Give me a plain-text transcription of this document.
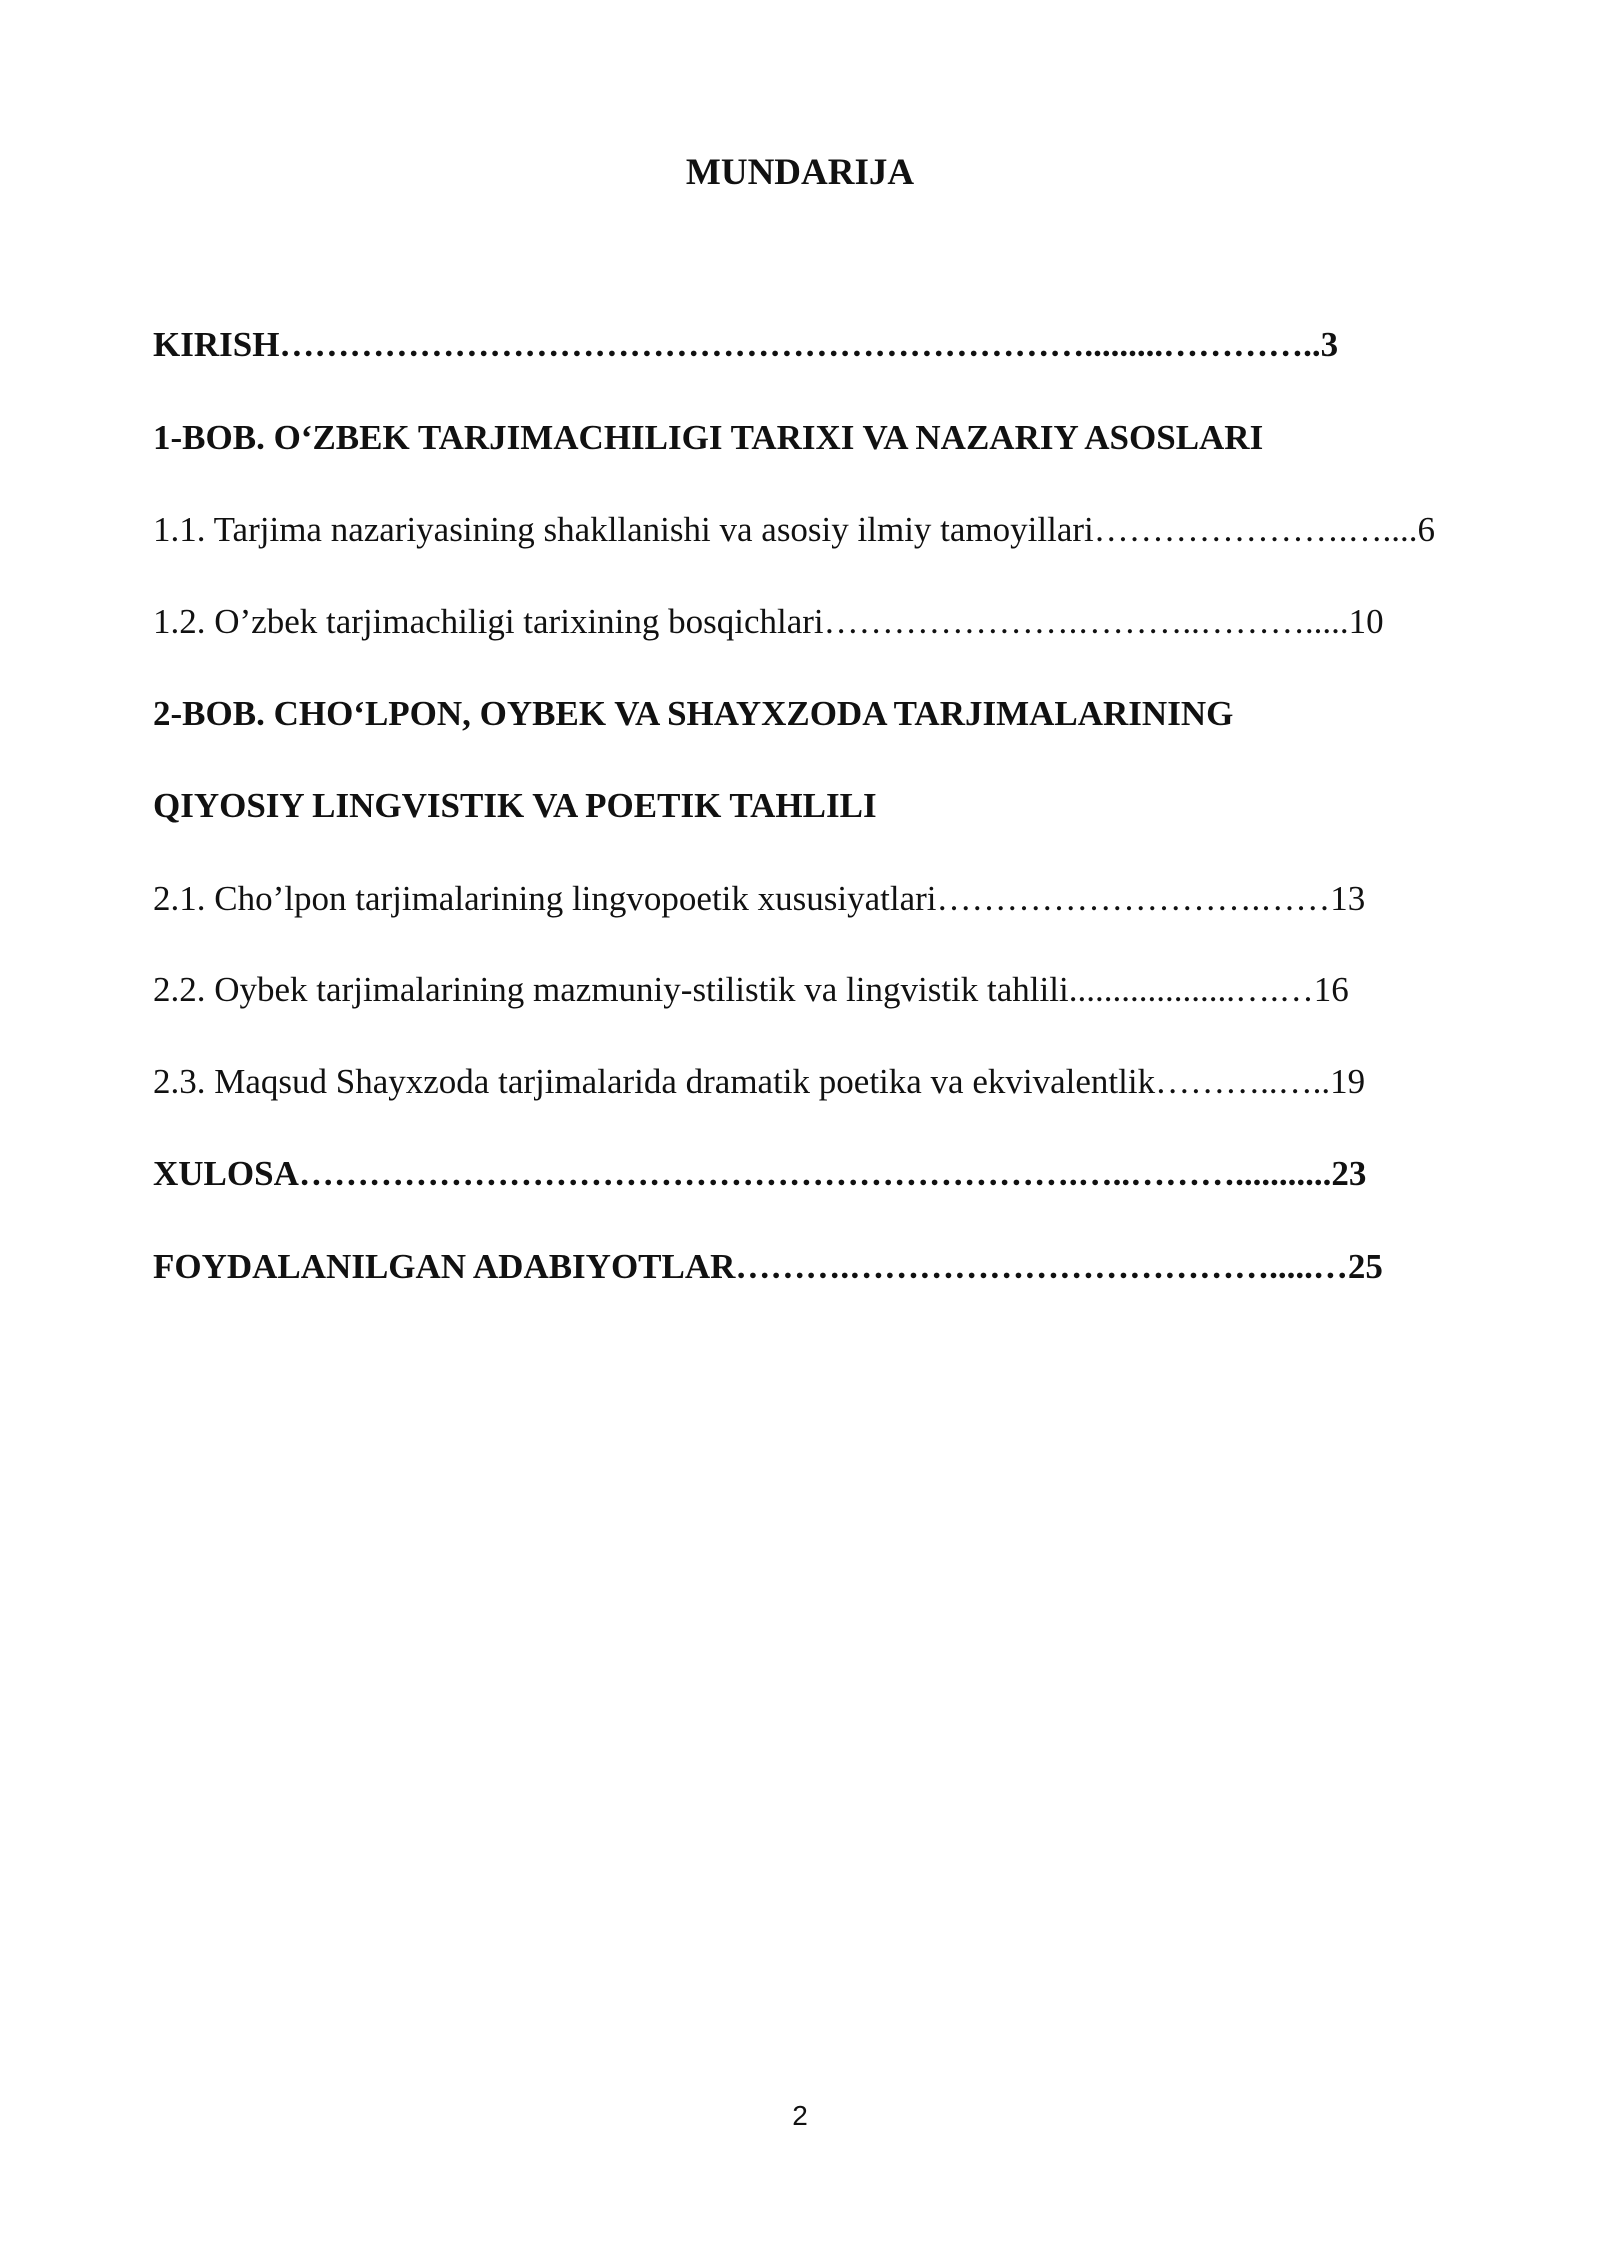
MUNDARIJA
KIRISH…………………………………………………………….........…………..3
1-BOB. O‘ZBEK TARJIMACHILIGI TARIXI VA NAZARIY ASOSLARI
1.1. Tarjima nazariyasining shakllanishi va asosiy ilmiy tamoyillari………………….…....6
1.2. O’zbek tarjimachiligi tarixining bosqichlari………………….………..……….....10
2-BOB. CHO‘LPON, OYBEK VA SHAYXZODA TARJIMALARINING
QIYOSIY LINGVISTIK VA POETIK TAHLILI
2.1. Cho’lpon tarjimalarining lingvopoetik xususiyatlari……………………….……13
2.2. Oybek tarjimalarining mazmuniy-stilistik va lingvistik tahlili...................….…16
2.3. Maqsud Shayxzoda tarjimalarida dramatik poetika va ekvivalentlik………..…..19
XULOSA………………………………………………………….…..………...........23
FOYDALANILGAN ADABIYOTLAR……….……………………………….....…25
2
